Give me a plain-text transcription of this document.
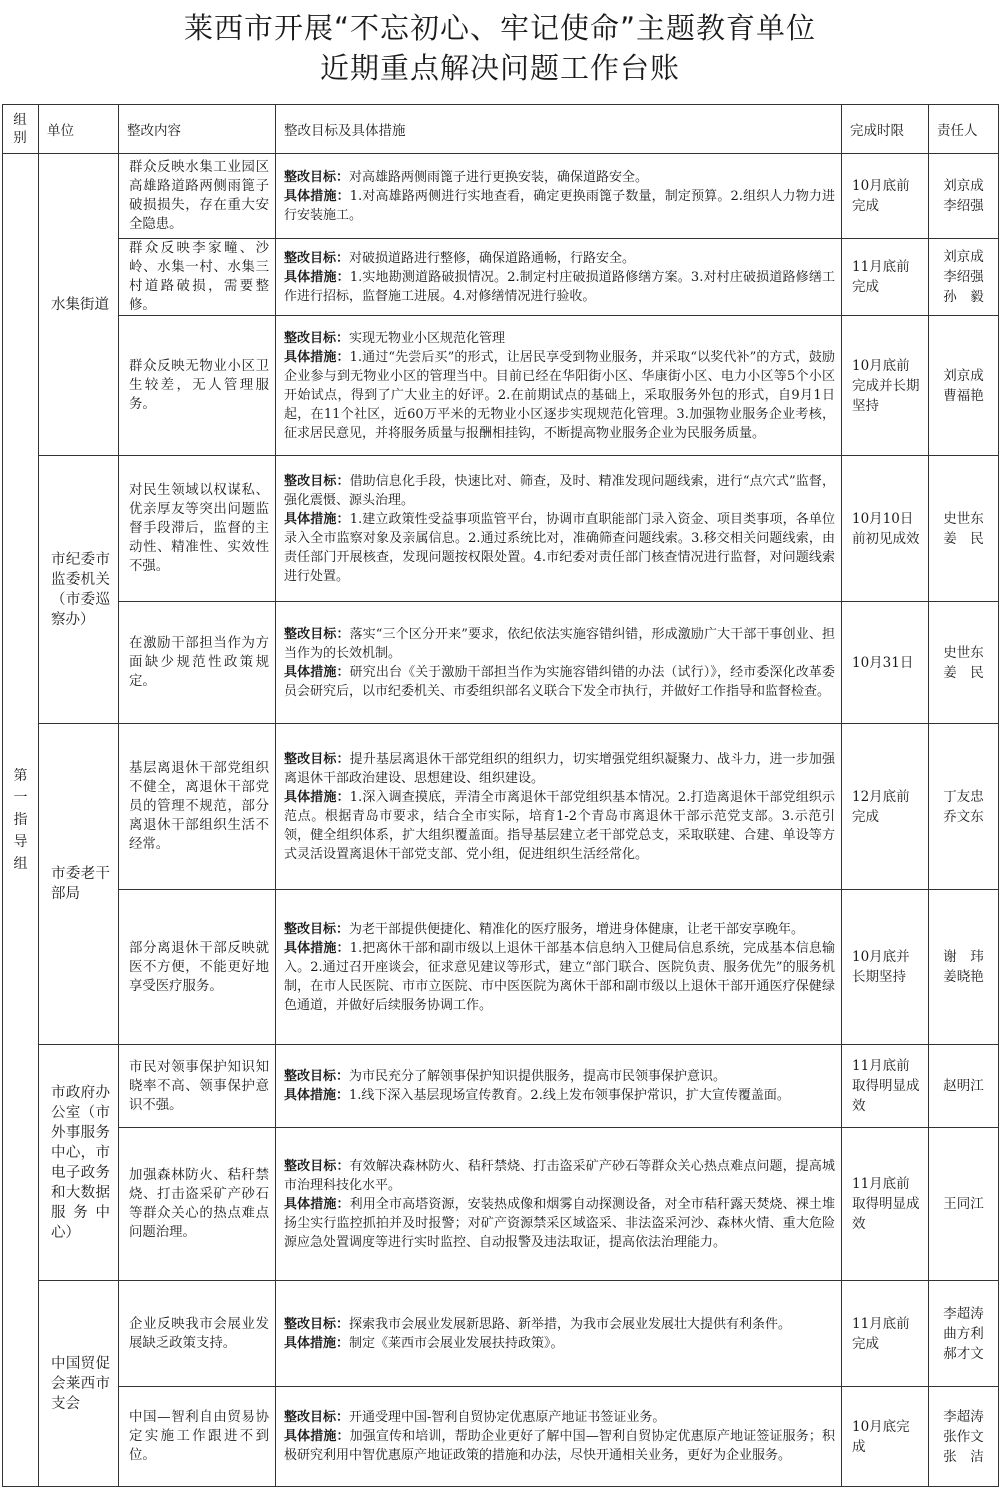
莱西市开展“不忘初心、牢记使命”主题教育单位
近期重点解决问题工作台账
组别	单位	整改内容	整改目标及具体措施	完成时限	责任人

第一指导组	水集街道	群众反映水集工业园区高雄路道路两侧雨篦子破损损失，存在重大安全隐患。	整改目标：对高雄路两侧雨篦子进行更换安装，确保道路安全。
具体措施：1.对高雄路两侧进行实地查看，确定更换雨篦子数量，制定预算。2.组织人力物力进行安装施工。	10月底前完成	刘京成
李绍强

		群众反映李家疃、沙岭、水集一村、水集三村道路破损，需要整修。	整改目标：对破损道路进行整修，确保道路通畅，行路安全。
具体措施：1.实地勘测道路破损情况。2.制定村庄破损道路修缮方案。3.对村庄破损道路修缮工作进行招标，监督施工进展。4.对修缮情况进行验收。	11月底前完成	刘京成
李绍强
孙　毅

		群众反映无物业小区卫生较差，无人管理服务。	整改目标：实现无物业小区规范化管理
具体措施：1.通过“先尝后买”的形式，让居民享受到物业服务，并采取“以奖代补”的方式，鼓励企业参与到无物业小区的管理当中。目前已经在华阳街小区、华康街小区、电力小区等5个小区开始试点，得到了广大业主的好评。2.在前期试点的基础上，采取服务外包的形式，自9月1日起，在11个社区，近60万平米的无物业小区逐步实现规范化管理。3.加强物业服务企业考核，征求居民意见，并将服务质量与报酬相挂钩，不断提高物业服务企业为民服务质量。	10月底前完成并长期坚持	刘京成
曹福艳

	市纪委市监委机关（市委巡察办）	对民生领域以权谋私、优亲厚友等突出问题监督手段滞后，监督的主动性、精准性、实效性不强。	整改目标：借助信息化手段，快速比对、筛查，及时、精准发现问题线索，进行“点穴式”监督，强化震慑、源头治理。
具体措施：1.建立政策性受益事项监管平台，协调市直职能部门录入资金、项目类事项，各单位录入全市监察对象及亲属信息。2.通过系统比对，准确筛查问题线索。3.移交相关问题线索，由责任部门开展核查，发现问题按权限处置。4.市纪委对责任部门核查情况进行监督，对问题线索进行处置。	10月10日前初见成效	史世东
姜　民

		在激励干部担当作为方面缺少规范性政策规定。	整改目标：落实“三个区分开来”要求，依纪依法实施容错纠错，形成激励广大干部干事创业、担当作为的长效机制。
具体措施：研究出台《关于激励干部担当作为实施容错纠错的办法（试行）》，经市委深化改革委员会研究后，以市纪委机关、市委组织部名义联合下发全市执行，并做好工作指导和监督检查。	10月31日	史世东
姜　民

	市委老干部局	基层离退休干部党组织不健全，离退休干部党员的管理不规范，部分离退休干部组织生活不经常。	整改目标：提升基层离退休干部党组织的组织力，切实增强党组织凝聚力、战斗力，进一步加强离退休干部政治建设、思想建设、组织建设。
具体措施：1.深入调查摸底，弄清全市离退休干部党组织基本情况。2.打造离退休干部党组织示范点。根据青岛市要求，结合全市实际，培育1-2个青岛市离退休干部示范党支部。3.示范引领，健全组织体系，扩大组织覆盖面。指导基层建立老干部党总支，采取联建、合建、单设等方式灵活设置离退休干部党支部、党小组，促进组织生活经常化。	12月底前完成	丁友忠
乔文东

		部分离退休干部反映就医不方便，不能更好地享受医疗服务。	整改目标：为老干部提供便捷化、精准化的医疗服务，增进身体健康，让老干部安享晚年。
具体措施：1.把离休干部和副市级以上退休干部基本信息纳入卫健局信息系统，完成基本信息输入。2.通过召开座谈会，征求意见建议等形式，建立“部门联合、医院负责、服务优先”的服务机制，在市人民医院、市市立医院、市中医医院为离休干部和副市级以上退休干部开通医疗保健绿色通道，并做好后续服务协调工作。	10月底并长期坚持	谢　玮
姜晓艳

	市政府办公室（市外事服务中心，市电子政务和大数据服务中心）	市民对领事保护知识知晓率不高、领事保护意识不强。	整改目标：为市民充分了解领事保护知识提供服务，提高市民领事保护意识。
具体措施：1.线下深入基层现场宣传教育。2.线上发布领事保护常识，扩大宣传覆盖面。	11月底前取得明显成效	赵明江

		加强森林防火、秸秆禁烧、打击盗采矿产砂石等群众关心的热点难点问题治理。	整改目标：有效解决森林防火、秸秆禁烧、打击盗采矿产砂石等群众关心热点难点问题，提高城市治理科技化水平。
具体措施：利用全市高塔资源，安装热成像和烟雾自动探测设备，对全市秸秆露天焚烧、裸土堆扬尘实行监控抓拍并及时报警；对矿产资源禁采区域盗采、非法盗采河沙、森林火情、重大危险源应急处置调度等进行实时监控、自动报警及违法取证，提高依法治理能力。	11月底前取得明显成效	王同江

	中国贸促会莱西市支会	企业反映我市会展业发展缺乏政策支持。	整改目标：探索我市会展业发展新思路、新举措，为我市会展业发展壮大提供有利条件。
具体措施：制定《莱西市会展业发展扶持政策》。	11月底前完成	李超涛
曲方利
郝才文

		中国—智利自由贸易协定实施工作跟进不到位。	整改目标：开通受理中国-智利自贸协定优惠原产地证书签证业务。
具体措施：加强宣传和培训，帮助企业更好了解中国—智利自贸协定优惠原产地证签证服务；积极研究利用中智优惠原产地证政策的措施和办法，尽快开通相关业务，更好为企业服务。	10月底完成	李超涛
张作文
张　洁
